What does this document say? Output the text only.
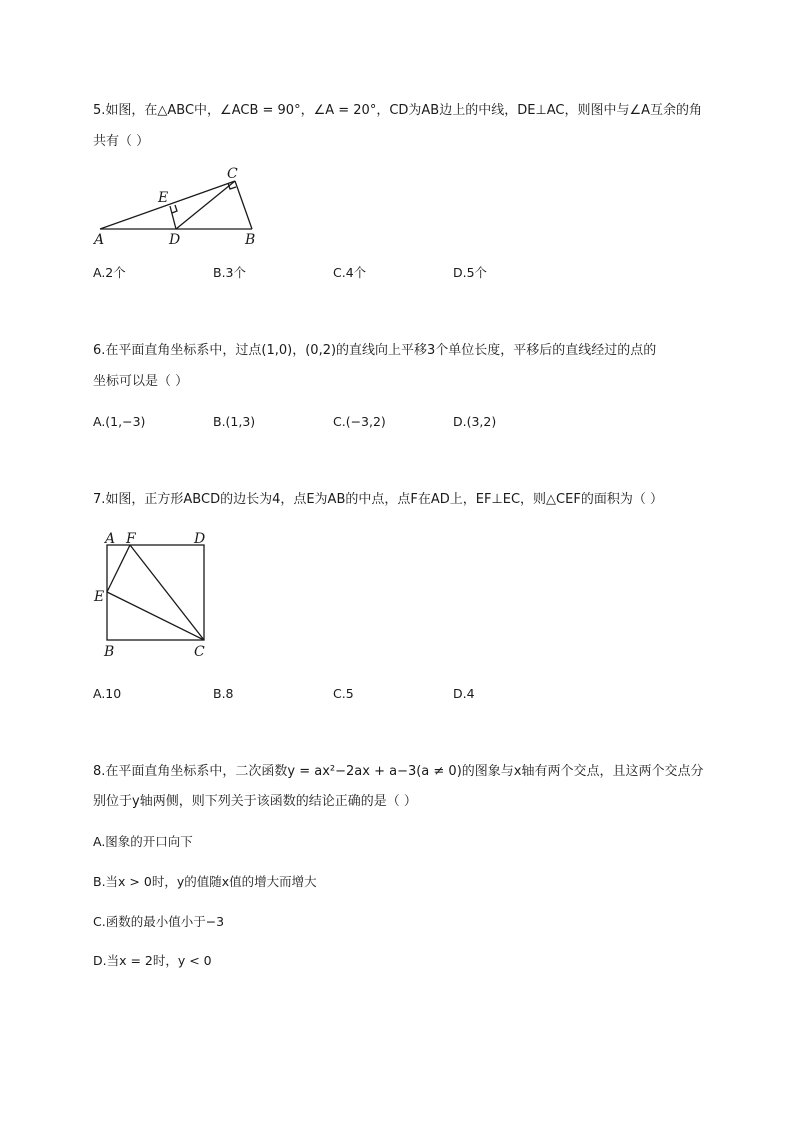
5.如图，在△ABC中，∠ACB = 90°，∠A = 20°，CD为AB边上的中线，DE⊥AC，则图中与∠A互余的角
共有（ ）
A	D	B
E
C
A.2个	B.3个	C.4个	D.5个
6.在平面直角坐标系中，过点(1,0)，(0,2)的直线向上平移3个单位长度，平移后的直线经过的点的
坐标可以是（ ）
A.(1,−3)	B.(1,3)	C.(−3,2)	D.(3,2)
7.如图，正方形ABCD的边长为4，点E为AB的中点，点F在AD上，EF⊥EC，则△CEF的面积为（ ）
A F	D
E
B	C
A.10	B.8	C.5	D.4
8.在平面直角坐标系中，二次函数y = ax²−2ax + a−3(a ≠ 0)的图象与x轴有两个交点，且这两个交点分
别位于y轴两侧，则下列关于该函数的结论正确的是（ ）
A.图象的开口向下
B.当x > 0时，y的值随x值的增大而增大
C.函数的最小值小于−3
D.当x = 2时，y < 0
